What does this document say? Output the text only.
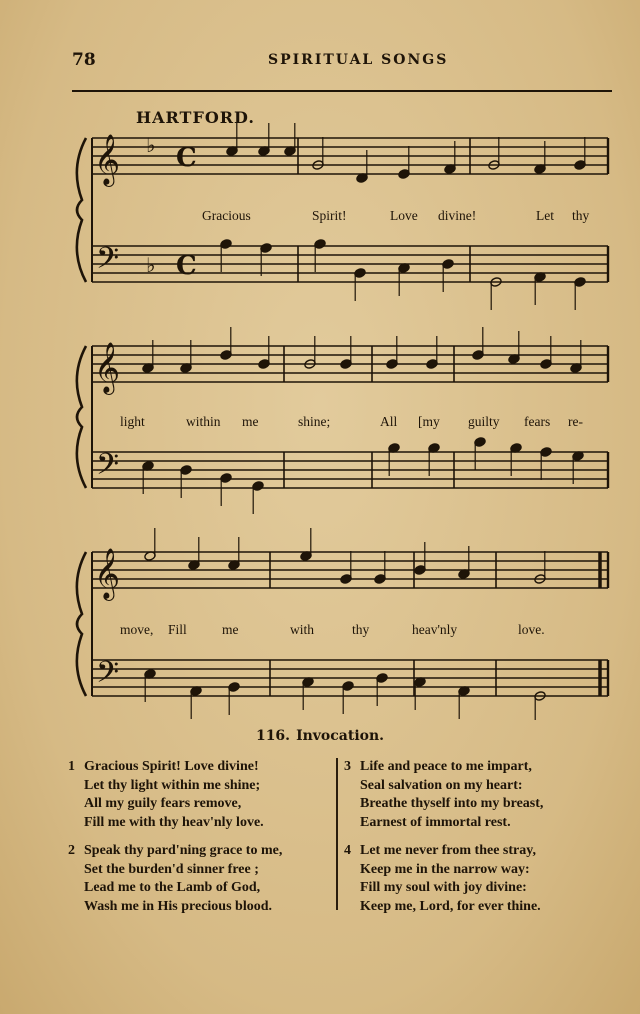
78	SPIRITUAL SONGS
HARTFORD.
𝄞
𝄢
♭ C
♭ C
𝄞
𝄢
𝄞
𝄢
Gracious	Spirit!	Love divine!	Let thy
light	within me	shine;	All [my guilty fears re-
move, Fill	me	with	thy	heav'nly	love.
116. Invocation.
1 Gracious Spirit! Love divine!
Let thy light within me shine;
All my guily fears remove,
Fill me with thy heav'nly love.
2 Speak thy pard'ning grace to me,
Set the burden'd sinner free ;
Lead me to the Lamb of God,
Wash me in His precious blood.
3 Life and peace to me impart,
Seal salvation on my heart:
Breathe thyself into my breast,
Earnest of immortal rest.
4 Let me never from thee stray,
Keep me in the narrow way:
Fill my soul with joy divine:
Keep me, Lord, for ever thine.
